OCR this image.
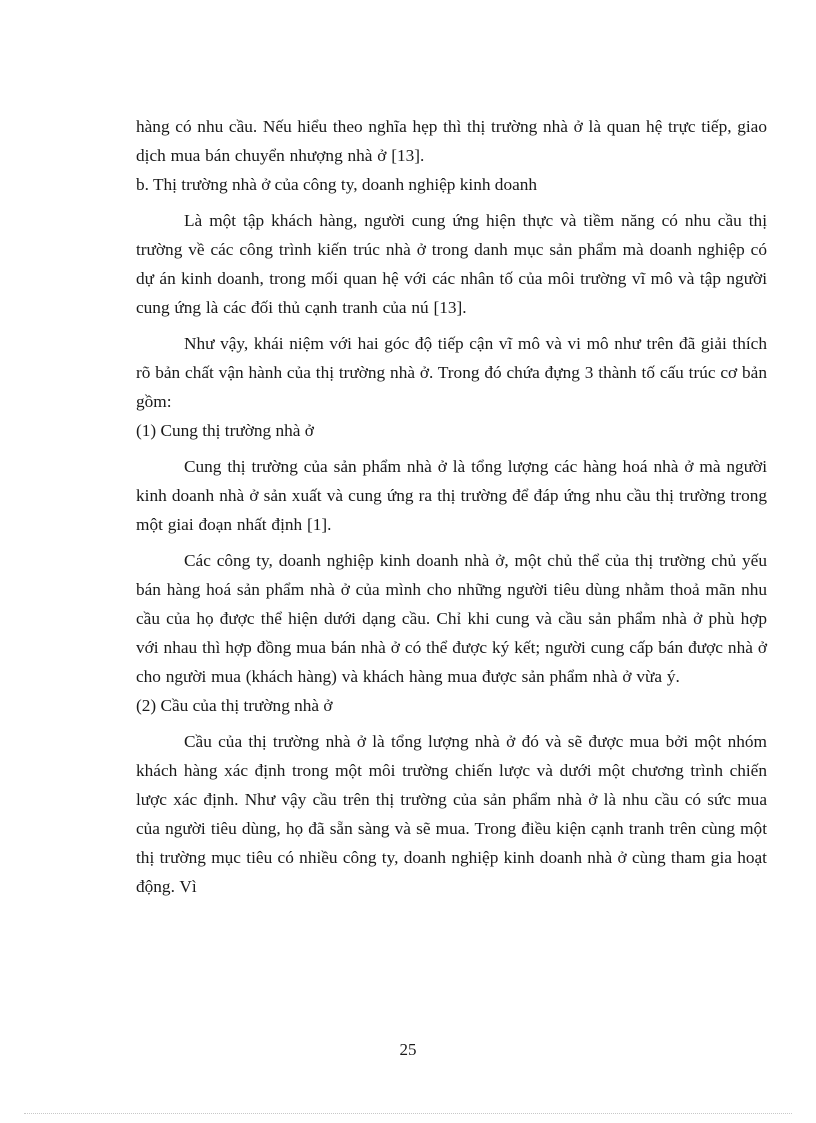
hàng có nhu cầu. Nếu hiểu theo nghĩa hẹp thì thị trường nhà ở là quan hệ trực tiếp, giao dịch mua bán chuyển nhượng nhà ở [13].

b. Thị trường nhà ở của công ty, doanh nghiệp kinh doanh

Là một tập khách hàng, người cung ứng hiện thực và tiềm năng có nhu cầu thị trường về các công trình kiến trúc nhà ở trong danh mục sản phẩm mà doanh nghiệp có dự án kinh doanh, trong mối quan hệ với các nhân tố của môi trường vĩ mô và tập người cung ứng là các đối thủ cạnh tranh của nú [13].

Như vậy, khái niệm với hai góc độ tiếp cận vĩ mô và vi mô như trên đã giải thích rõ bản chất vận hành của thị trường nhà ở. Trong đó chứa đựng 3 thành tố cấu trúc cơ bản gồm:

(1) Cung thị trường nhà ở

Cung thị trường của sản phẩm nhà ở là tổng lượng các hàng hoá nhà ở mà người kinh doanh nhà ở sản xuất và cung ứng ra thị trường để đáp ứng nhu cầu thị trường trong một giai đoạn nhất định [1].

Các công ty, doanh nghiệp kinh doanh nhà ở, một chủ thể của thị trường chủ yếu bán hàng hoá sản phẩm nhà ở của mình cho những người tiêu dùng nhằm thoả mãn nhu cầu của họ được thể hiện dưới dạng cầu. Chỉ khi cung và cầu sản phẩm nhà ở phù hợp với nhau thì hợp đồng mua bán nhà ở có thể được ký kết; người cung cấp bán được nhà ở cho người mua (khách hàng) và khách hàng mua được sản phẩm nhà ở vừa ý.

(2) Cầu của thị trường nhà ở

Cầu của thị trường nhà ở là tổng lượng nhà ở đó và sẽ được mua bởi một nhóm khách hàng xác định trong một môi trường chiến lược và dưới một chương trình chiến lược xác định. Như vậy cầu trên thị trường của sản phẩm nhà ở là nhu cầu có sức mua của người tiêu dùng, họ đã sẵn sàng và sẽ mua. Trong điều kiện cạnh tranh trên cùng một thị trường mục tiêu có nhiều công ty, doanh nghiệp kinh doanh nhà ở cùng tham gia hoạt động. Vì

25
